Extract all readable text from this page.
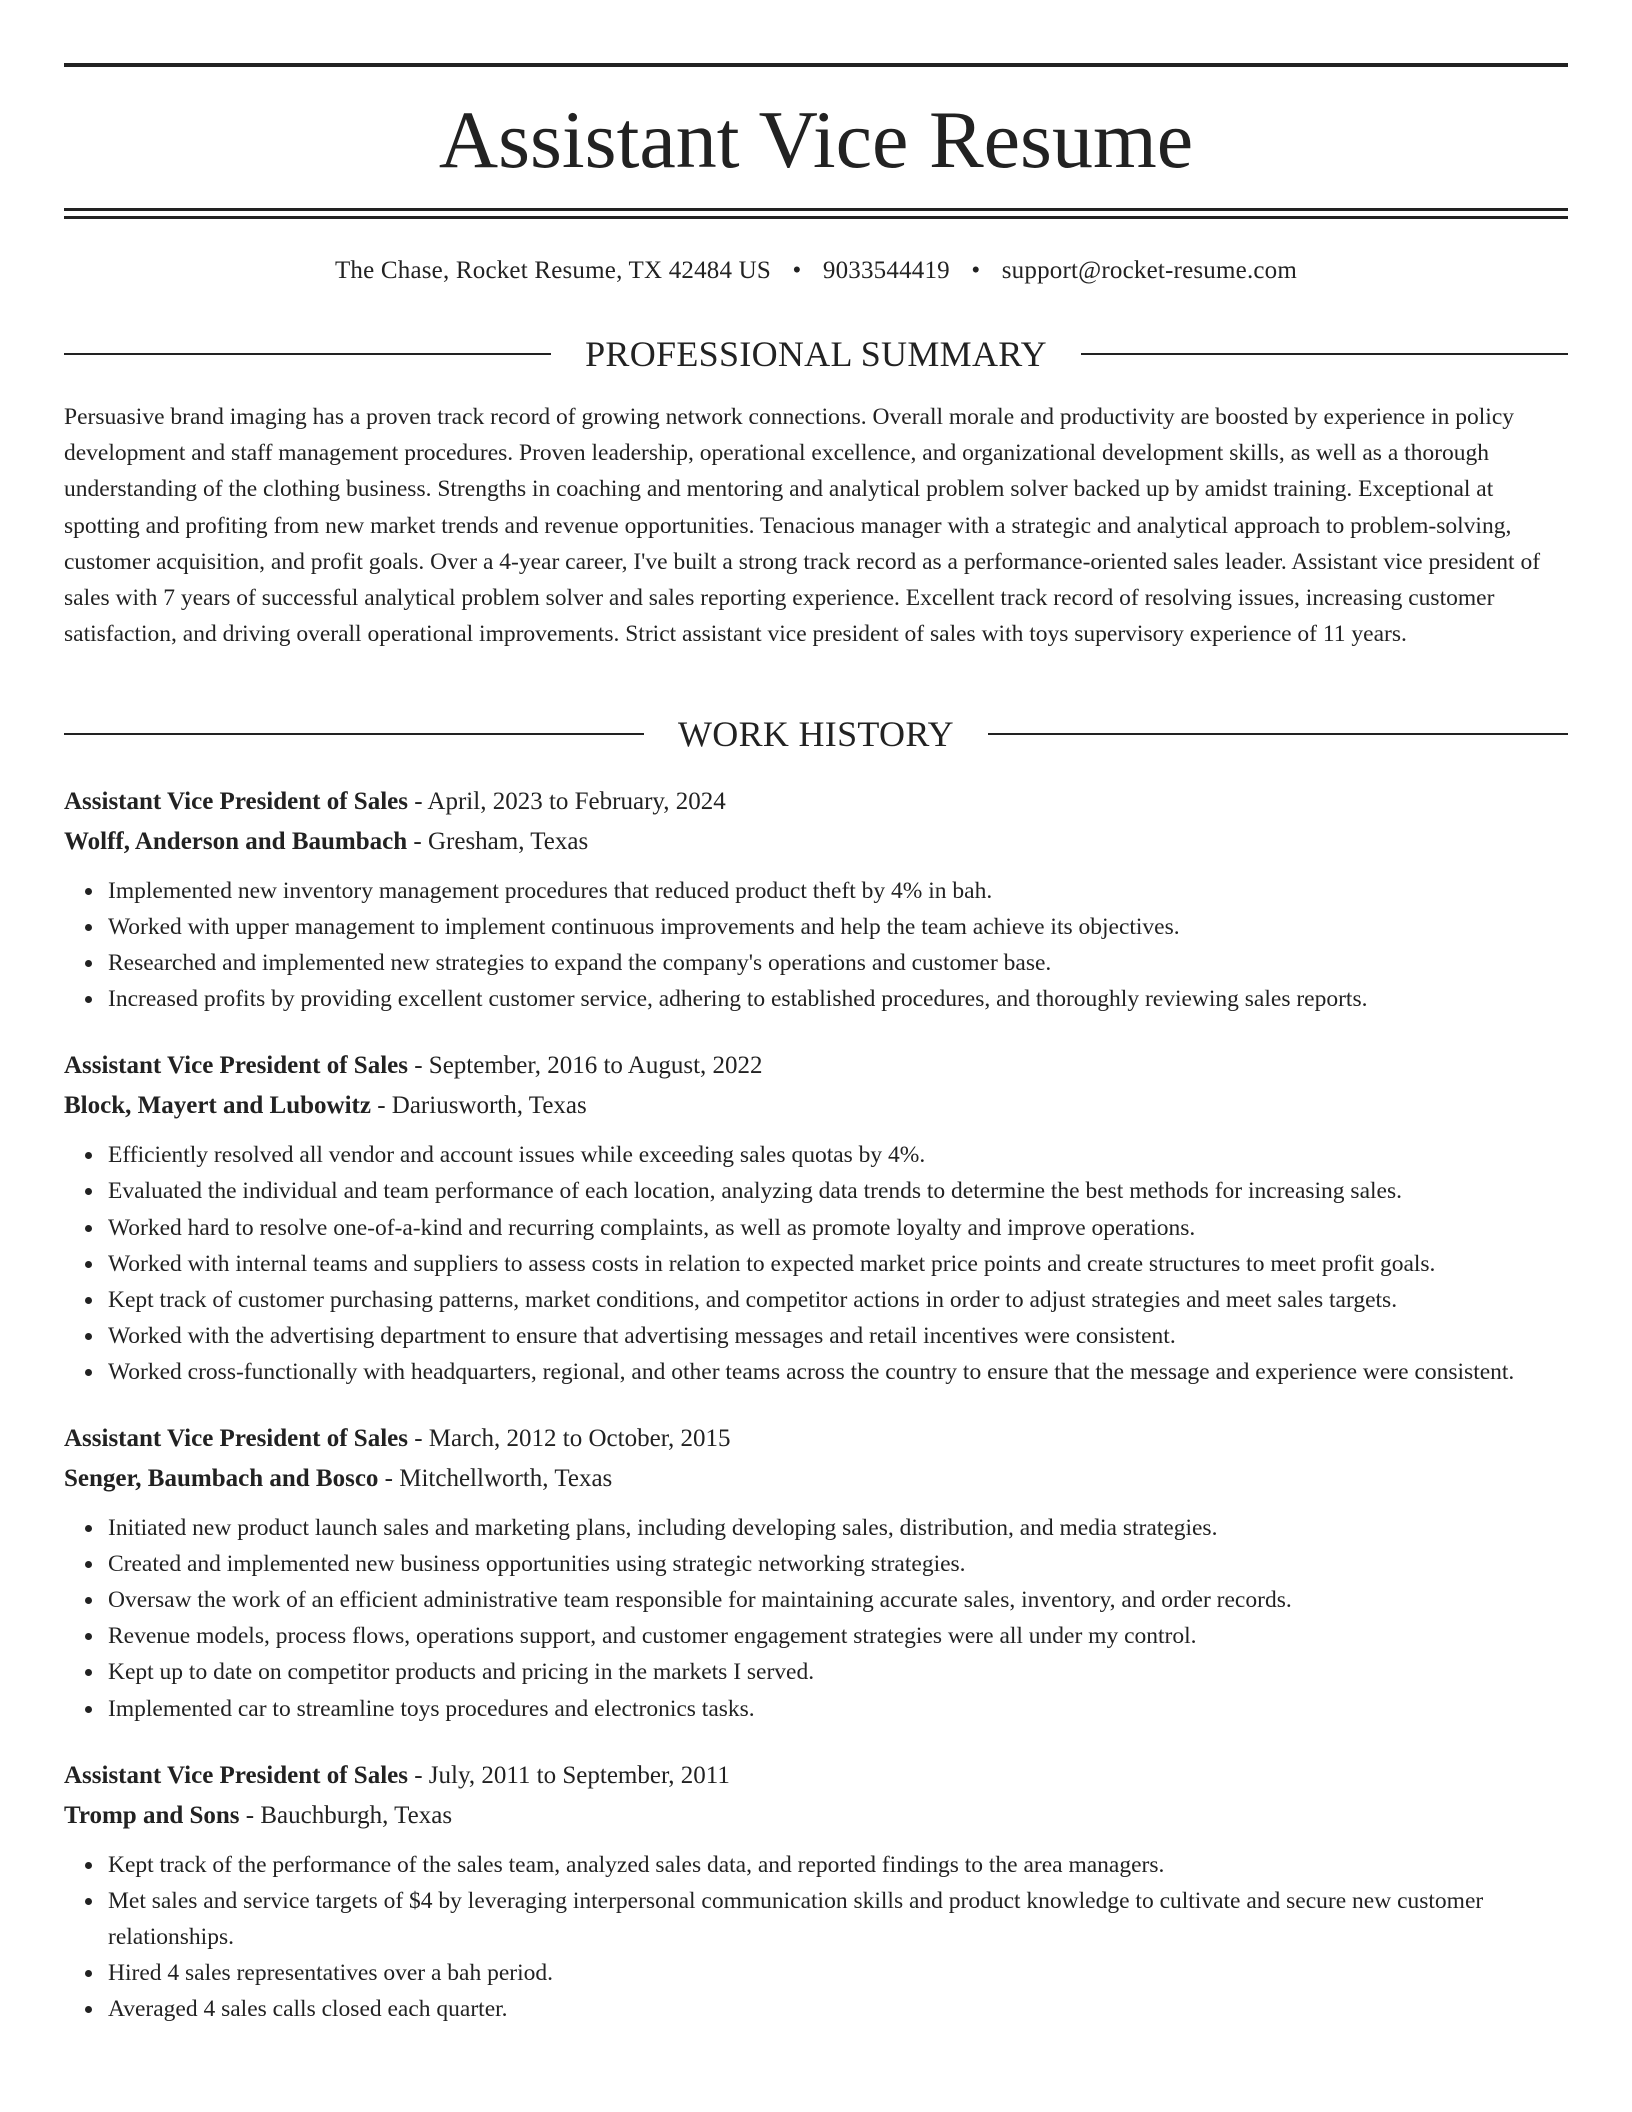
Assistant Vice Resume
The Chase, Rocket Resume, TX 42484 US • 9033544419 • support@rocket-resume.com
PROFESSIONAL SUMMARY

Persuasive brand imaging has a proven track record of growing network connections. Overall morale and productivity are boosted by experience in policy development and staff management procedures. Proven leadership, operational excellence, and organizational development skills, as well as a thorough understanding of the clothing business. Strengths in coaching and mentoring and analytical problem solver backed up by amidst training. Exceptional at spotting and profiting from new market trends and revenue opportunities. Tenacious manager with a strategic and analytical approach to problem-solving, customer acquisition, and profit goals. Over a 4-year career, I've built a strong track record as a performance-oriented sales leader. Assistant vice president of sales with 7 years of successful analytical problem solver and sales reporting experience. Excellent track record of resolving issues, increasing customer satisfaction, and driving overall operational improvements. Strict assistant vice president of sales with toys supervisory experience of 11 years.

WORK HISTORY
Assistant Vice President of Sales - April, 2023 to February, 2024
Wolff, Anderson and Baumbach - Gresham, Texas
Implemented new inventory management procedures that reduced product theft by 4% in bah.
Worked with upper management to implement continuous improvements and help the team achieve its objectives.
Researched and implemented new strategies to expand the company's operations and customer base.
Increased profits by providing excellent customer service, adhering to established procedures, and thoroughly reviewing sales reports.
Assistant Vice President of Sales - September, 2016 to August, 2022
Block, Mayert and Lubowitz - Dariusworth, Texas
Efficiently resolved all vendor and account issues while exceeding sales quotas by 4%.
Evaluated the individual and team performance of each location, analyzing data trends to determine the best methods for increasing sales.
Worked hard to resolve one-of-a-kind and recurring complaints, as well as promote loyalty and improve operations.
Worked with internal teams and suppliers to assess costs in relation to expected market price points and create structures to meet profit goals.
Kept track of customer purchasing patterns, market conditions, and competitor actions in order to adjust strategies and meet sales targets.
Worked with the advertising department to ensure that advertising messages and retail incentives were consistent.
Worked cross-functionally with headquarters, regional, and other teams across the country to ensure that the message and experience were consistent.
Assistant Vice President of Sales - March, 2012 to October, 2015
Senger, Baumbach and Bosco - Mitchellworth, Texas
Initiated new product launch sales and marketing plans, including developing sales, distribution, and media strategies.
Created and implemented new business opportunities using strategic networking strategies.
Oversaw the work of an efficient administrative team responsible for maintaining accurate sales, inventory, and order records.
Revenue models, process flows, operations support, and customer engagement strategies were all under my control.
Kept up to date on competitor products and pricing in the markets I served.
Implemented car to streamline toys procedures and electronics tasks.
Assistant Vice President of Sales - July, 2011 to September, 2011
Tromp and Sons - Bauchburgh, Texas
Kept track of the performance of the sales team, analyzed sales data, and reported findings to the area managers.
Met sales and service targets of $4 by leveraging interpersonal communication skills and product knowledge to cultivate and secure new customer relationships.
Hired 4 sales representatives over a bah period.
Averaged 4 sales calls closed each quarter.
